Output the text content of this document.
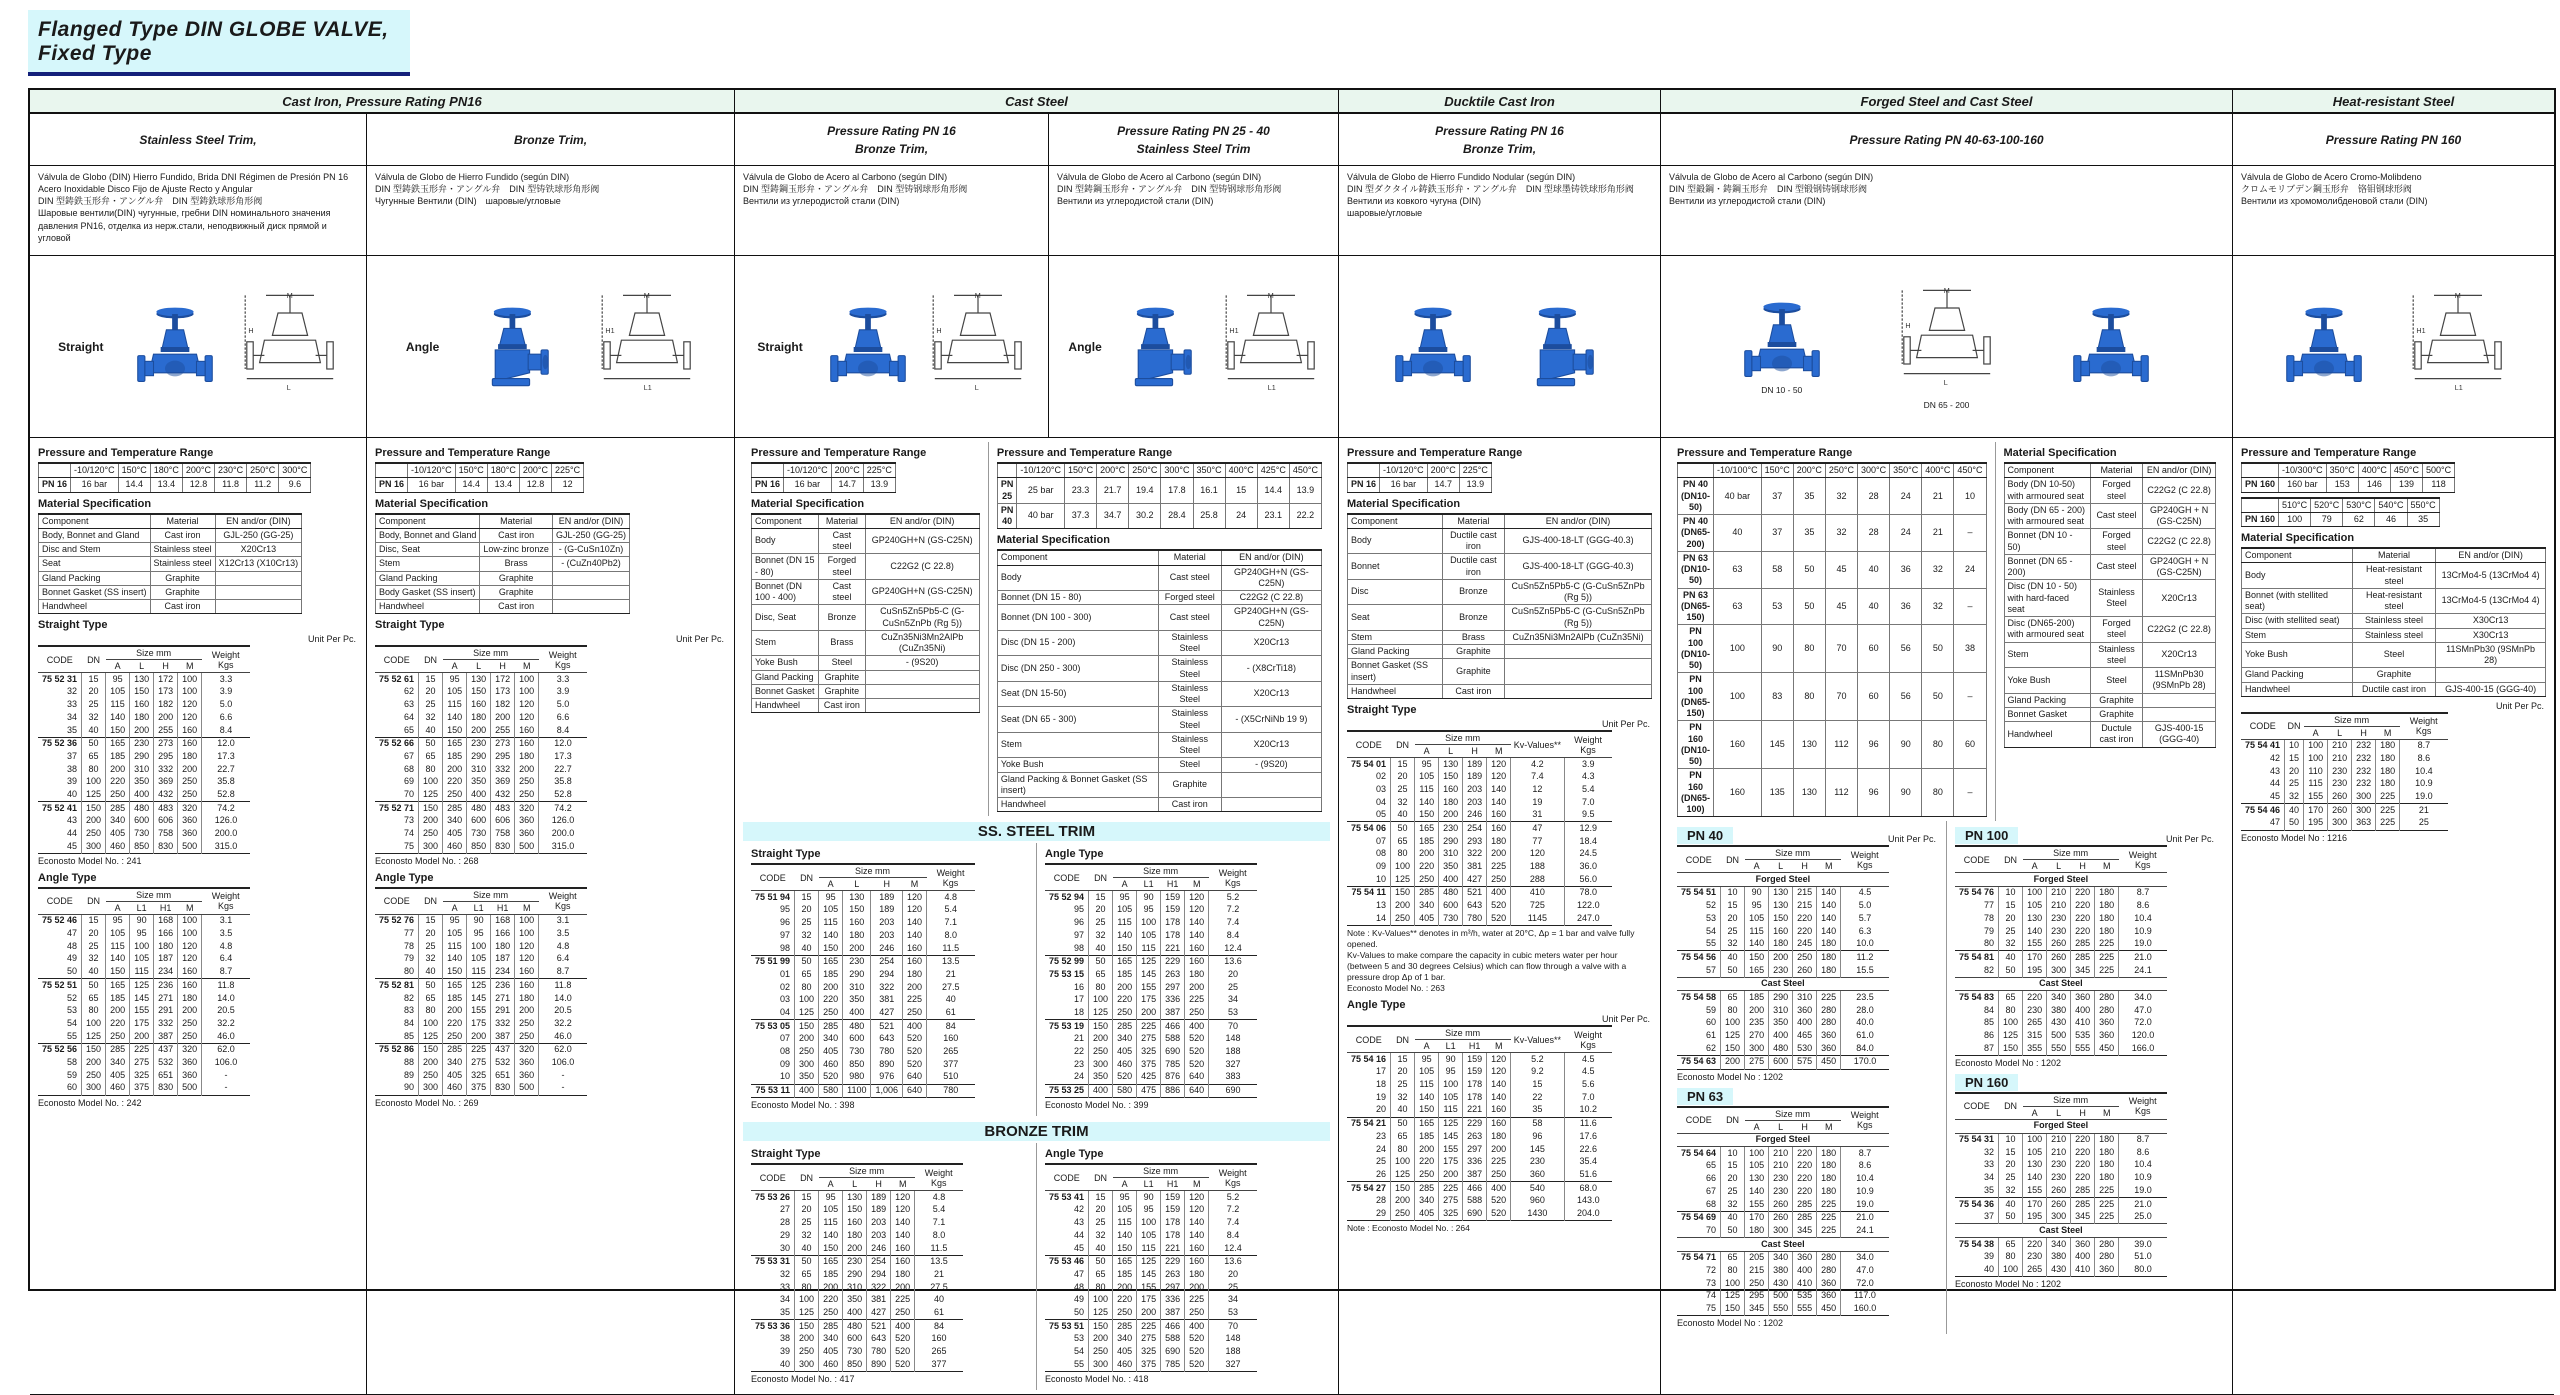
Flanged Type DIN GLOBE VALVE, Fixed Type
Cast Iron, Pressure Rating PN16	Cast Steel	Ducktile Cast Iron	Forged Steel and Cast Steel	Heat-resistant Steel
Stainless Steel Trim,	Bronze Trim,
Pressure Rating PN 16
Bronze Trim,
Pressure Rating PN 25 - 40
Stainless Steel Trim
Pressure Rating PN 16
Bronze Trim,
Pressure Rating PN 40-63-100-160	Pressure Rating PN 160
Válvula de Globo (DIN) Hierro Fundido, Brida DNI Régimen de Presión PN 16 Acero Inoxidable Disco Fijo de Ajuste Recto y Angular
DIN 型鋳鉄玉形弁・アングル弁　DIN 型鋳鉄球形角形阀
Шаровые вентили(DIN) чугунные, гребни DIN номинального значения давления PN16, отделка из нерж.стали, неподвижный диск прямой и угловой
Válvula de Globo de Hierro Fundido (según DIN)
DIN 型鋳鉄玉形弁・アングル弁　DIN 型铸铁球形角形阀
Чугунные Вентили (DIN)　шаровые/угловые
Válvula de Globo de Acero al Carbono (según DIN)
DIN 型鋳鋼玉形弁・アングル弁　DIN 型铸钢球形角形阀
Вентили из углеродистой стали (DIN)
Válvula de Globo de Acero al Carbono (según DIN)
DIN 型鋳鋼玉形弁・アングル弁　DIN 型铸钢球形角形阀
Вентили из углеродистой стали (DIN)
Válvula de Globo de Hierro Fundido Nodular (según DIN)
DIN 型ダクタイル鋳鉄玉形弁・アングル弁　DIN 型球墨铸铁球形角形阀
Вентили из ковкого чугуна (DIN)
шаровые/угловые
Válvula de Globo de Acero al Carbono (según DIN)
DIN 型鍛鋼・鋳鋼玉形弁　DIN 型锻钢铸钢球形阀
Вентили из углеродистой стали (DIN)
Válvula de Globo de Acero Cromo-Molibdeno
クロムモリブデン鋼玉形弁　铬钼钢球形阀
Вентили из хромомолибденовой стали (DIN)
Straight
H
L
M
Angle
H1
L1
M
Straight
H
L
M
Angle
H1
L1
M
DN 10 - 50
H
L
M
DN 65 - 200
H1
L1
M
Pressure and Temperature Range
	-10/120°C	150°C	180°C	200°C	230°C	250°C	300°C
PN 16	16 bar	14.4	13.4	12.8	11.8	11.2	9.6
Material Specification
Component	Material	EN and/or (DIN)
Body, Bonnet and Gland	Cast iron	GJL-250 (GG-25)
Disc and Stem	Stainless steel	X20Cr13
Seat	Stainless steel	X12Cr13 (X10Cr13)
Gland Packing	Graphite	
Bonnet Gasket (SS insert)	Graphite	
Handwheel	Cast iron	
Straight Type
Unit Per Pc.
CODE	DN	Size mm				Weight Kgs
		A	L	H	M	
75 52 31	15	95	130	172	100	3.3
32	20	105	150	173	100	3.9
33	25	115	160	182	120	5.0
34	32	140	180	200	120	6.6
35	40	150	200	255	160	8.4
75 52 36	50	165	230	273	160	12.0
37	65	185	290	295	180	17.3
38	80	200	310	332	200	22.7
39	100	220	350	369	250	35.8
40	125	250	400	432	250	52.8
75 52 41	150	285	480	483	320	74.2
43	200	340	600	606	360	126.0
44	250	405	730	758	360	200.0
45	300	460	850	830	500	315.0
Econosto Model No. : 241
Angle Type
CODE	DN	Size mm				Weight Kgs
		A	L1	H1	M	
75 52 46	15	95	90	168	100	3.1
47	20	105	95	166	100	3.5
48	25	115	100	180	120	4.8
49	32	140	105	187	120	6.4
50	40	150	115	234	160	8.7
75 52 51	50	165	125	236	160	11.8
52	65	185	145	271	180	14.0
53	80	200	155	291	200	20.5
54	100	220	175	332	250	32.2
55	125	250	200	387	250	46.0
75 52 56	150	285	225	437	320	62.0
58	200	340	275	532	360	106.0
59	250	405	325	651	360	-
60	300	460	375	830	500	-
Econosto Model No. : 242
Pressure and Temperature Range
	-10/120°C	150°C	180°C	200°C	225°C
PN 16	16 bar	14.4	13.4	12.8	12
Material Specification
Component	Material	EN and/or (DIN)
Body, Bonnet and Gland	Cast iron	GJL-250 (GG-25)
Disc, Seat	Low-zinc bronze	- (G-CuSn10Zn)
Stem	Brass	- (CuZn40Pb2)
Gland Packing	Graphite	
Body Gasket (SS insert)	Graphite	
Handwheel	Cast iron	
Straight Type
Unit Per Pc.
CODE	DN	Size mm				Weight Kgs
		A	L	H	M	
75 52 61	15	95	130	172	100	3.3
62	20	105	150	173	100	3.9
63	25	115	160	182	120	5.0
64	32	140	180	200	120	6.6
65	40	150	200	255	160	8.4
75 52 66	50	165	230	273	160	12.0
67	65	185	290	295	180	17.3
68	80	200	310	332	200	22.7
69	100	220	350	369	250	35.8
70	125	250	400	432	250	52.8
75 52 71	150	285	480	483	320	74.2
73	200	340	600	606	360	126.0
74	250	405	730	758	360	200.0
75	300	460	850	830	500	315.0
Econosto Model No. : 268
Angle Type
CODE	DN	Size mm				Weight Kgs
		A	L1	H1	M	
75 52 76	15	95	90	168	100	3.1
77	20	105	95	166	100	3.5
78	25	115	100	180	120	4.8
79	32	140	105	187	120	6.4
80	40	150	115	234	160	8.7
75 52 81	50	165	125	236	160	11.8
82	65	185	145	271	180	14.0
83	80	200	155	291	200	20.5
84	100	220	175	332	250	32.2
85	125	250	200	387	250	46.0
75 52 86	150	285	225	437	320	62.0
88	200	340	275	532	360	106.0
89	250	405	325	651	360	-
90	300	460	375	830	500	-
Econosto Model No. : 269
Pressure and Temperature Range
	-10/120°C	200°C	225°C
PN 16	16 bar	14.7	13.9
Material Specification
Component	Material	EN and/or (DIN)
Body	Cast steel	GP240GH+N (GS-C25N)
Bonnet (DN 15 - 80)	Forged steel	C22G2 (C 22.8)
Bonnet (DN 100 - 400)	Cast steel	GP240GH+N (GS-C25N)
Disc, Seat	Bronze	CuSn5Zn5Pb5-C (G-CuSn5ZnPb (Rg 5))
Stem	Brass	CuZn35Ni3Mn2AlPb (CuZn35Ni)
Yoke Bush	Steel	- (9S20)
Gland Packing	Graphite	
Bonnet Gasket	Graphite	
Handwheel	Cast iron	
Pressure and Temperature Range
	-10/120°C	150°C	200°C	250°C	300°C	350°C	400°C	425°C	450°C
PN 25	25 bar	23.3	21.7	19.4	17.8	16.1	15	14.4	13.9
PN 40	40 bar	37.3	34.7	30.2	28.4	25.8	24	23.1	22.2
Material Specification
Component	Material	EN and/or (DIN)
Body	Cast steel	GP240GH+N (GS-C25N)
Bonnet (DN 15 - 80)	Forged steel	C22G2 (C 22.8)
Bonnet (DN 100 - 300)	Cast steel	GP240GH+N (GS-C25N)
Disc (DN 15 - 200)	Stainless Steel	X20Cr13
Disc (DN 250 - 300)	Stainless Steel	- (X8CrTi18)
Seat (DN 15-50)	Stainless Steel	X20Cr13
Seat (DN 65 - 300)	Stainless Steel	- (X5CrNiNb 19 9)
Stem	Stainless Steel	X20Cr13
Yoke Bush	Steel	- (9S20)
Gland Packing & Bonnet Gasket (SS insert)	Graphite	
Handwheel	Cast iron	
SS. STEEL TRIM
Straight Type
CODE	DN	Size mm				Weight Kgs
		A	L	H	M	
75 51 94	15	95	130	189	120	4.8
95	20	105	150	189	120	5.4
96	25	115	160	203	140	7.1
97	32	140	180	203	140	8.0
98	40	150	200	246	160	11.5
75 51 99	50	165	230	254	160	13.5
01	65	185	290	294	180	21
02	80	200	310	322	200	27.5
03	100	220	350	381	225	40
04	125	250	400	427	250	61
75 53 05	150	285	480	521	400	84
07	200	340	600	643	520	160
08	250	405	730	780	520	265
09	300	460	850	890	520	377
10	350	520	980	976	640	510
75 53 11	400	580	1100	1,006	640	780
Econosto Model No. : 398
Angle Type
CODE	DN	Size mm				Weight Kgs
		A	L1	H1	M	
75 52 94	15	95	90	159	120	5.2
95	20	105	95	159	120	7.2
96	25	115	100	178	140	7.4
97	32	140	105	178	140	8.4
98	40	150	115	221	160	12.4
75 52 99	50	165	125	229	160	13.6
75 53 15	65	185	145	263	180	20
16	80	200	155	297	200	25
17	100	220	175	336	225	34
18	125	250	200	387	250	53
75 53 19	150	285	225	466	400	70
21	200	340	275	588	520	148
22	250	405	325	690	520	188
23	300	460	375	785	520	327
24	350	520	425	876	640	383
75 53 25	400	580	475	886	640	690
Econosto Model No. : 399
BRONZE TRIM
Straight Type
CODE	DN	Size mm				Weight Kgs
		A	L	H	M	
75 53 26	15	95	130	189	120	4.8
27	20	105	150	189	120	5.4
28	25	115	160	203	140	7.1
29	32	140	180	203	140	8.0
30	40	150	200	246	160	11.5
75 53 31	50	165	230	254	160	13.5
32	65	185	290	294	180	21
33	80	200	310	322	200	27.5
34	100	220	350	381	225	40
35	125	250	400	427	250	61
75 53 36	150	285	480	521	400	84
38	200	340	600	643	520	160
39	250	405	730	780	520	265
40	300	460	850	890	520	377
Econosto Model No. : 417
Angle Type
CODE	DN	Size mm				Weight Kgs
		A	L1	H1	M	
75 53 41	15	95	90	159	120	5.2
42	20	105	95	159	120	7.2
43	25	115	100	178	140	7.4
44	32	140	105	178	140	8.4
45	40	150	115	221	160	12.4
75 53 46	50	165	125	229	160	13.6
47	65	185	145	263	180	20
48	80	200	155	297	200	25
49	100	220	175	336	225	34
50	125	250	200	387	250	53
75 53 51	150	285	225	466	400	70
53	200	340	275	588	520	148
54	250	405	325	690	520	188
55	300	460	375	785	520	327
Econosto Model No. : 418
Pressure and Temperature Range
	-10/120°C	200°C	225°C
PN 16	16 bar	14.7	13.9
Material Specification
Component	Material	EN and/or (DIN)
Body	Ductile cast iron	GJS-400-18-LT (GGG-40.3)
Bonnet	Ductile cast iron	GJS-400-18-LT (GGG-40.3)
Disc	Bronze	CuSn5Zn5Pb5-C (G-CuSn5ZnPb (Rg 5))
Seat	Bronze	CuSn5Zn5Pb5-C (G-CuSn5ZnPb (Rg 5))
Stem	Brass	CuZn35Ni3Mn2AlPb (CuZn35Ni)
Gland Packing	Graphite	
Bonnet Gasket (SS insert)	Graphite	
Handwheel	Cast iron	
Straight Type
Unit Per Pc.
CODE	DN	Size mm				Kv-Values**	Weight Kgs
		A	L	H	M		
75 54 01	15	95	130	189	120	4.2	3.9
02	20	105	150	189	120	7.4	4.3
03	25	115	160	203	140	12	5.4
04	32	140	180	203	140	19	7.0
05	40	150	200	246	160	31	9.5
75 54 06	50	165	230	254	160	47	12.9
07	65	185	290	293	180	77	18.4
08	80	200	310	322	200	120	24.5
09	100	220	350	381	225	188	36.0
10	125	250	400	427	250	288	56.0
75 54 11	150	285	480	521	400	410	78.0
13	200	340	600	643	520	725	122.0
14	250	405	730	780	520	1145	247.0
Note : Kv-Values** denotes in m³/h, water at 20°C, Δp = 1 bar and valve fully opened.
Kv-Values to make compare the capacity in cubic meters water per hour (between 5 and 30 degrees Celsius) which can flow through a valve with a pressure drop Δp of 1 bar.
Econosto Model No. : 263
Angle Type
Unit Per Pc.
CODE	DN	Size mm				Kv-Values**	Weight Kgs
		A	L1	H1	M		
75 54 16	15	95	90	159	120	5.2	4.5
17	20	105	95	159	120	9.2	4.5
18	25	115	100	178	140	15	5.6
19	32	140	105	178	140	22	7.0
20	40	150	115	221	160	35	10.2
75 54 21	50	165	125	229	160	58	11.6
23	65	185	145	263	180	96	17.6
24	80	200	155	297	200	145	22.6
25	100	220	175	336	225	230	35.4
26	125	250	200	387	250	360	51.6
75 54 27	150	285	225	466	400	540	68.0
28	200	340	275	588	520	960	143.0
29	250	405	325	690	520	1430	204.0
Note : Econosto Model No. : 264
Pressure and Temperature Range
	-10/100°C	150°C	200°C	250°C	300°C	350°C	400°C	450°C
PN 40 (DN10-50)	40 bar	37	35	32	28	24	21	10
PN 40 (DN65-200)	40	37	35	32	28	24	21	–
PN 63 (DN10-50)	63	58	50	45	40	36	32	24
PN 63 (DN65-150)	63	53	50	45	40	36	32	–
PN 100 (DN10-50)	100	90	80	70	60	56	50	38
PN 100 (DN65-150)	100	83	80	70	60	56	50	–
PN 160 (DN10-50)	160	145	130	112	96	90	80	60
PN 160 (DN65-100)	160	135	130	112	96	90	80	–
Material Specification
Component	Material	EN and/or (DIN)
Body (DN 10-50) with armoured seat	Forged steel	C22G2 (C 22.8)
Body (DN 65 - 200) with armoured seat	Cast steel	GP240GH + N (GS-C25N)
Bonnet (DN 10 - 50)	Forged steel	C22G2 (C 22.8)
Bonnet (DN 65 - 200)	Cast steel	GP240GH + N (GS-C25N)
Disc (DN 10 - 50) with hard-faced seat	Stainless Steel	X20Cr13
Disc (DN65-200) with armoured seat	Forged steel	C22G2 (C 22.8)
Stem	Stainless steel	X20Cr13
Yoke Bush	Steel	11SMnPb30 (9SMnPb 28)
Gland Packing	Graphite	
Bonnet Gasket	Graphite	
Handwheel	Ductule cast iron	GJS-400-15 (GGG-40)
PN 40	Unit Per Pc.
CODE	DN	Size mm				Weight Kgs
		A	L	H	M	
Forged Steel						
75 54 51	10	90	130	215	140	4.5
52	15	95	130	215	140	5.0
53	20	105	150	220	140	5.7
54	25	115	160	220	140	6.3
55	32	140	180	245	180	10.0
75 54 56	40	150	200	250	180	11.2
57	50	165	230	260	180	15.5
Cast Steel						
75 54 58	65	185	290	310	225	23.5
59	80	200	310	360	280	28.0
60	100	235	350	400	280	40.0
61	125	270	400	465	360	61.0
62	150	300	480	530	360	84.0
75 54 63	200	275	600	575	450	170.0
Econosto Model No : 1202
PN 63
CODE	DN	Size mm				Weight Kgs
		A	L	H	M	
Forged Steel						
75 54 64	10	100	210	220	180	8.7
65	15	105	210	220	180	8.6
66	20	130	230	220	180	10.4
67	25	140	230	220	180	10.9
68	32	155	260	285	225	19.0
75 54 69	40	170	260	285	225	21.0
70	50	180	300	345	225	24.1
Cast Steel						
75 54 71	65	205	340	360	280	34.0
72	80	215	380	400	280	47.0
73	100	250	430	410	360	72.0
74	125	295	500	535	360	117.0
75	150	345	550	555	450	160.0
Econosto Model No : 1202
PN 100	Unit Per Pc.
CODE	DN	Size mm				Weight Kgs
		A	L	H	M	
Forged Steel						
75 54 76	10	100	210	220	180	8.7
77	15	105	210	220	180	8.6
78	20	130	230	220	180	10.4
79	25	140	230	220	180	10.9
80	32	155	260	285	225	19.0
75 54 81	40	170	260	285	225	21.0
82	50	195	300	345	225	24.1
Cast Steel						
75 54 83	65	220	340	360	280	34.0
84	80	230	380	400	280	47.0
85	100	265	430	410	360	72.0
86	125	315	500	535	360	120.0
87	150	355	550	555	450	166.0
Econosto Model No : 1202
PN 160
CODE	DN	Size mm				Weight Kgs
		A	L	H	M	
Forged Steel						
75 54 31	10	100	210	220	180	8.7
32	15	105	210	220	180	8.6
33	20	130	230	220	180	10.4
34	25	140	230	220	180	10.9
35	32	155	260	285	225	19.0
75 54 36	40	170	260	285	225	21.0
37	50	195	300	345	225	25.0
Cast Steel						
75 54 38	65	220	340	360	280	39.0
39	80	230	380	400	280	51.0
40	100	265	430	410	360	80.0
Econosto Model No : 1202
Pressure and Temperature Range
	-10/300°C	350°C	400°C	450°C	500°C
PN 160	160 bar	153	146	139	118
	510°C	520°C	530°C	540°C	550°C
PN 160	100	79	62	46	35
Material Specification
Component	Material	EN and/or (DIN)
Body	Heat-resistant steel	13CrMo4-5 (13CrMo4 4)
Bonnet (with stellited seat)	Heat-resistant steel	13CrMo4-5 (13CrMo4 4)
Disc (with stellited seat)	Stainless steel	X30Cr13
Stem	Stainless steel	X30Cr13
Yoke Bush	Steel	11SMnPb30 (9SMnPb 28)
Gland Packing	Graphite	
Handwheel	Ductile cast iron	GJS-400-15 (GGG-40)
Unit Per Pc.
CODE	DN	Size mm				Weight Kgs
		A	L	H	M	
75 54 41	10	100	210	232	180	8.7
42	15	100	210	232	180	8.6
43	20	110	230	232	180	10.4
44	25	115	230	232	180	10.9
45	32	155	260	300	225	19.0
75 54 46	40	170	260	300	225	21
47	50	195	300	363	225	25
Econosto Model No : 1216
